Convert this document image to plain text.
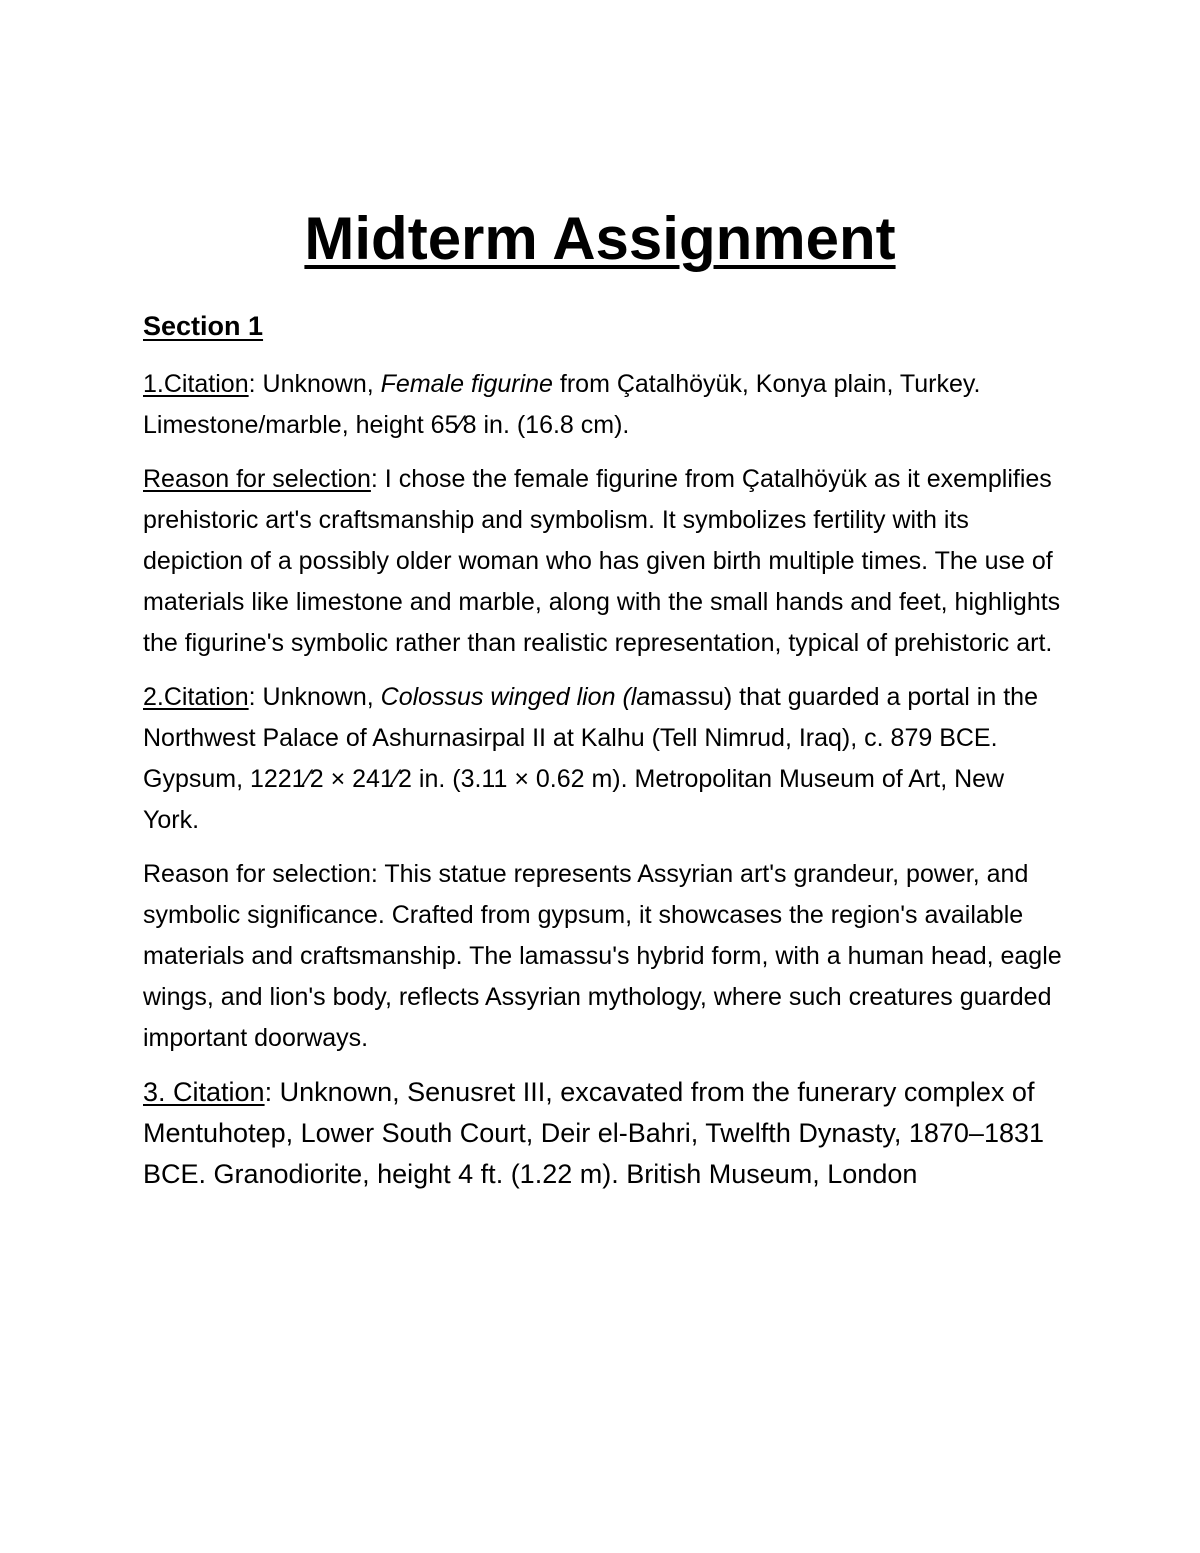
Midterm Assignment
Section 1

1.Citation: Unknown, Female figurine from Çatalhöyük, Konya plain, Turkey. Limestone/marble, height 65⁄8 in. (16.8 cm).

Reason for selection: I chose the female figurine from Çatalhöyük as it exemplifies prehistoric art's craftsmanship and symbolism. It symbolizes fertility with its depiction of a possibly older woman who has given birth multiple times. The use of materials like limestone and marble, along with the small hands and feet, highlights the figurine's symbolic rather than realistic representation, typical of prehistoric art.

2.Citation: Unknown, Colossus winged lion (lamassu) that guarded a portal in the Northwest Palace of Ashurnasirpal II at Kalhu (Tell Nimrud, Iraq), c. 879 BCE. Gypsum, 1221⁄2 × 241⁄2 in. (3.11 × 0.62 m). Metropolitan Museum of Art, New York.

Reason for selection: This statue represents Assyrian art's grandeur, power, and symbolic significance. Crafted from gypsum, it showcases the region's available materials and craftsmanship. The lamassu's hybrid form, with a human head, eagle wings, and lion's body, reflects Assyrian mythology, where such creatures guarded important doorways.

3. Citation: Unknown, Senusret III, excavated from the funerary complex of Mentuhotep, Lower South Court, Deir el-Bahri, Twelfth Dynasty, 1870–1831 BCE. Granodiorite, height 4 ft. (1.22 m). British Museum, London
